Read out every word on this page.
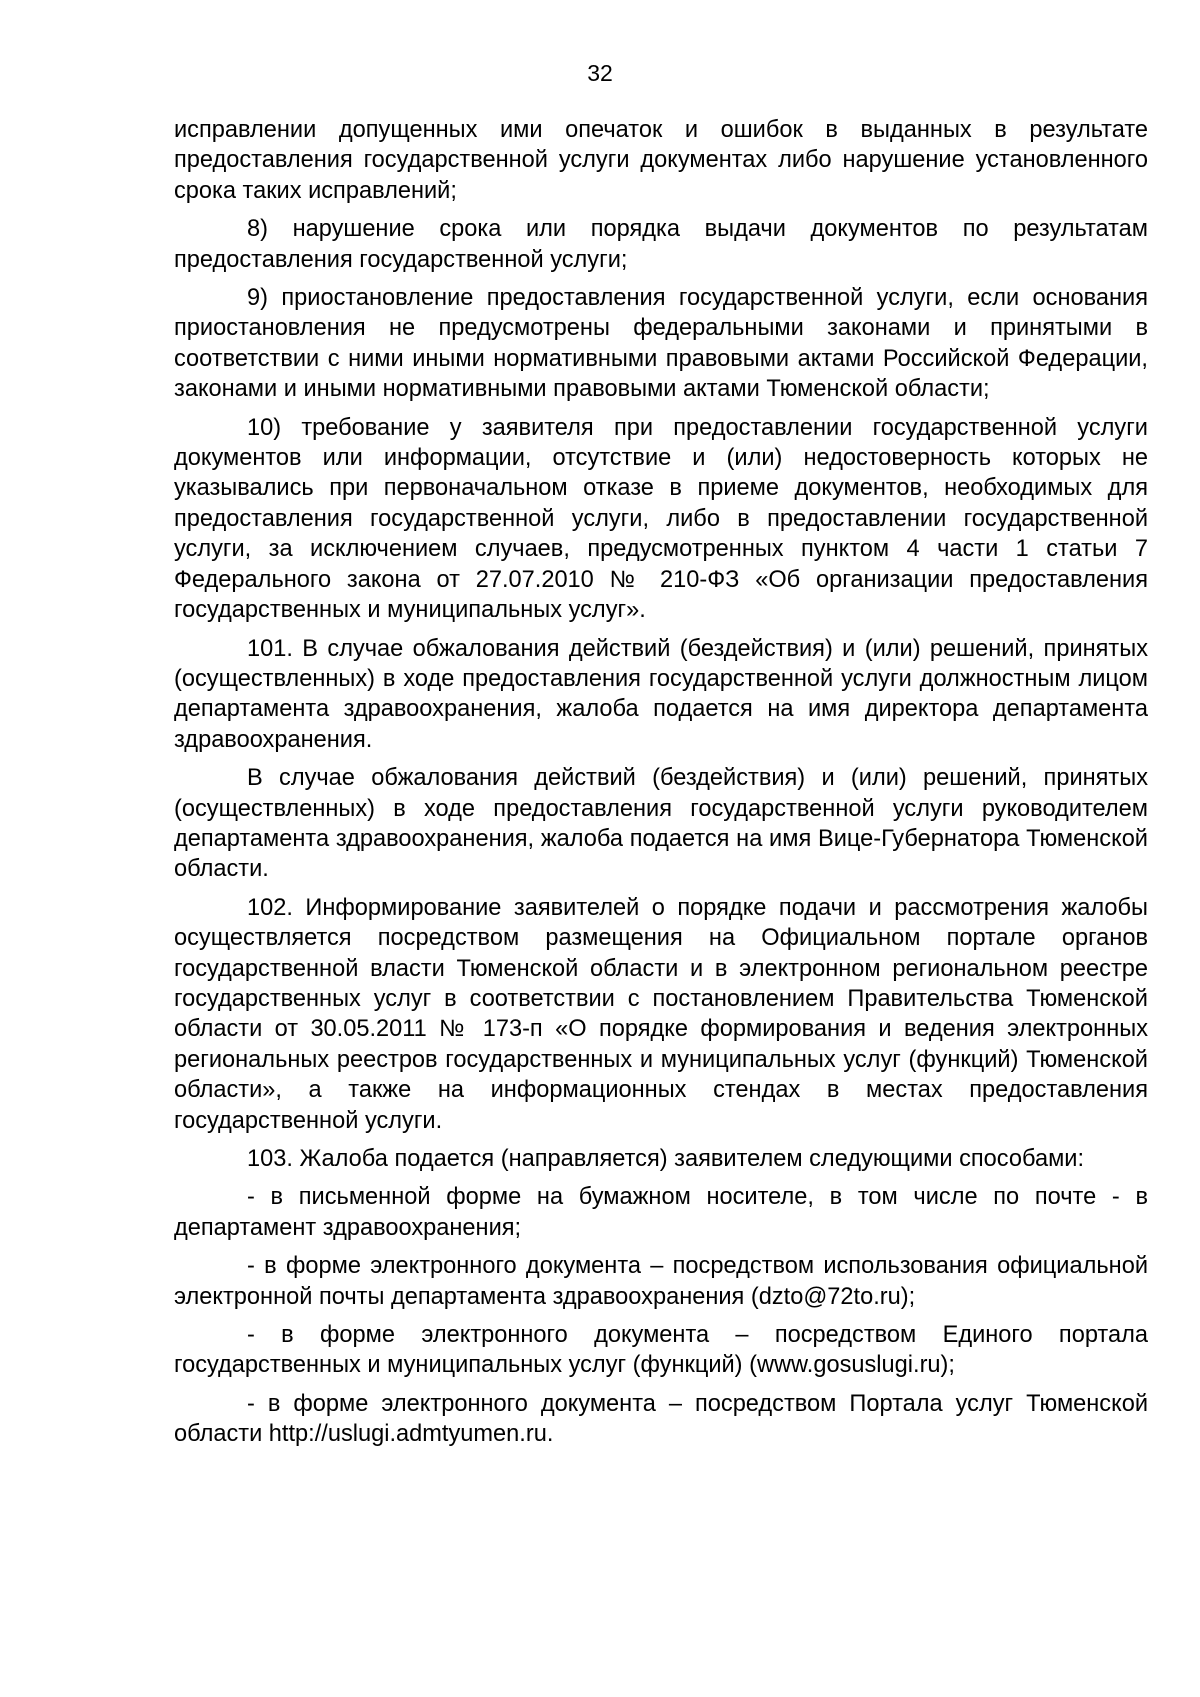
32

исправлении допущенных ими опечаток и ошибок в выданных в результате предоставления государственной услуги документах либо нарушение установленного срока таких исправлений;

8) нарушение срока или порядка выдачи документов по результатам предоставления государственной услуги;

9) приостановление предоставления государственной услуги, если основания приостановления не предусмотрены федеральными законами и принятыми в соответствии с ними иными нормативными правовыми актами Российской Федерации, законами и иными нормативными правовыми актами Тюменской области;

10) требование у заявителя при предоставлении государственной услуги документов или информации, отсутствие и (или) недостоверность которых не указывались при первоначальном отказе в приеме документов, необходимых для предоставления государственной услуги, либо в предоставлении государственной услуги, за исключением случаев, предусмотренных пунктом 4 части 1 статьи 7 Федерального закона от 27.07.2010 № 210-ФЗ «Об организации предоставления государственных и муниципальных услуг».

101. В случае обжалования действий (бездействия) и (или) решений, принятых (осуществленных) в ходе предоставления государственной услуги должностным лицом департамента здравоохранения, жалоба подается на имя директора департамента здравоохранения.

В случае обжалования действий (бездействия) и (или) решений, принятых (осуществленных) в ходе предоставления государственной услуги руководителем департамента здравоохранения, жалоба подается на имя Вице-Губернатора Тюменской области.

102. Информирование заявителей о порядке подачи и рассмотрения жалобы осуществляется посредством размещения на Официальном портале органов государственной власти Тюменской области и в электронном региональном реестре государственных услуг в соответствии с постановлением Правительства Тюменской области от 30.05.2011 № 173-п «О порядке формирования и ведения электронных региональных реестров государственных и муниципальных услуг (функций) Тюменской области», а также на информационных стендах в местах предоставления государственной услуги.

103. Жалоба подается (направляется) заявителем следующими способами:

- в письменной форме на бумажном носителе, в том числе по почте - в департамент здравоохранения;

- в форме электронного документа – посредством использования официальной электронной почты департамента здравоохранения (dzto@72to.ru);

- в форме электронного документа – посредством Единого портала государственных и муниципальных услуг (функций) (www.gosuslugi.ru);

- в форме электронного документа – посредством Портала услуг Тюменской области http://uslugi.admtyumen.ru.
